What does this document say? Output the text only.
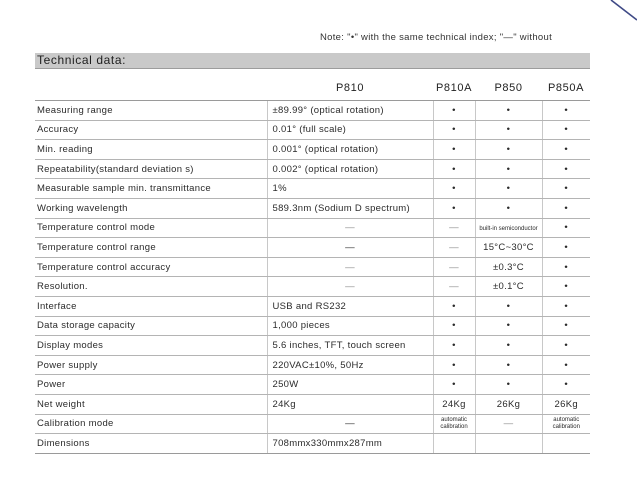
Note: "•" with the same technical index; "—" without
Technical data:
	P810	P810A	P850	P850A
Measuring range	±89.99° (optical rotation)	•	•	•
Accuracy	0.01° (full scale)	•	•	•
Min. reading	0.001° (optical rotation)	•	•	•
Repeatability(standard deviation s)	0.002° (optical rotation)	•	•	•
Measurable sample min. transmittance	1%	•	•	•
Working wavelength	589.3nm (Sodium D spectrum)	•	•	•
Temperature control mode	—	—	built-in semiconductor	•
Temperature control range	—	—	15°C~30°C	•
Temperature control accuracy	—	—	±0.3°C	•
Resolution.	—	—	±0.1°C	•
Interface	USB and RS232	•	•	•
Data storage capacity	1,000 pieces	•	•	•
Display modes	5.6 inches, TFT, touch screen	•	•	•
Power supply	220VAC±10%, 50Hz	•	•	•
Power	250W	•	•	•
Net weight	24Kg	24Kg	26Kg	26Kg
Calibration mode	—	automatic calibration	—	automatic calibration

Dimensions	708mmx330mmx287mm			
